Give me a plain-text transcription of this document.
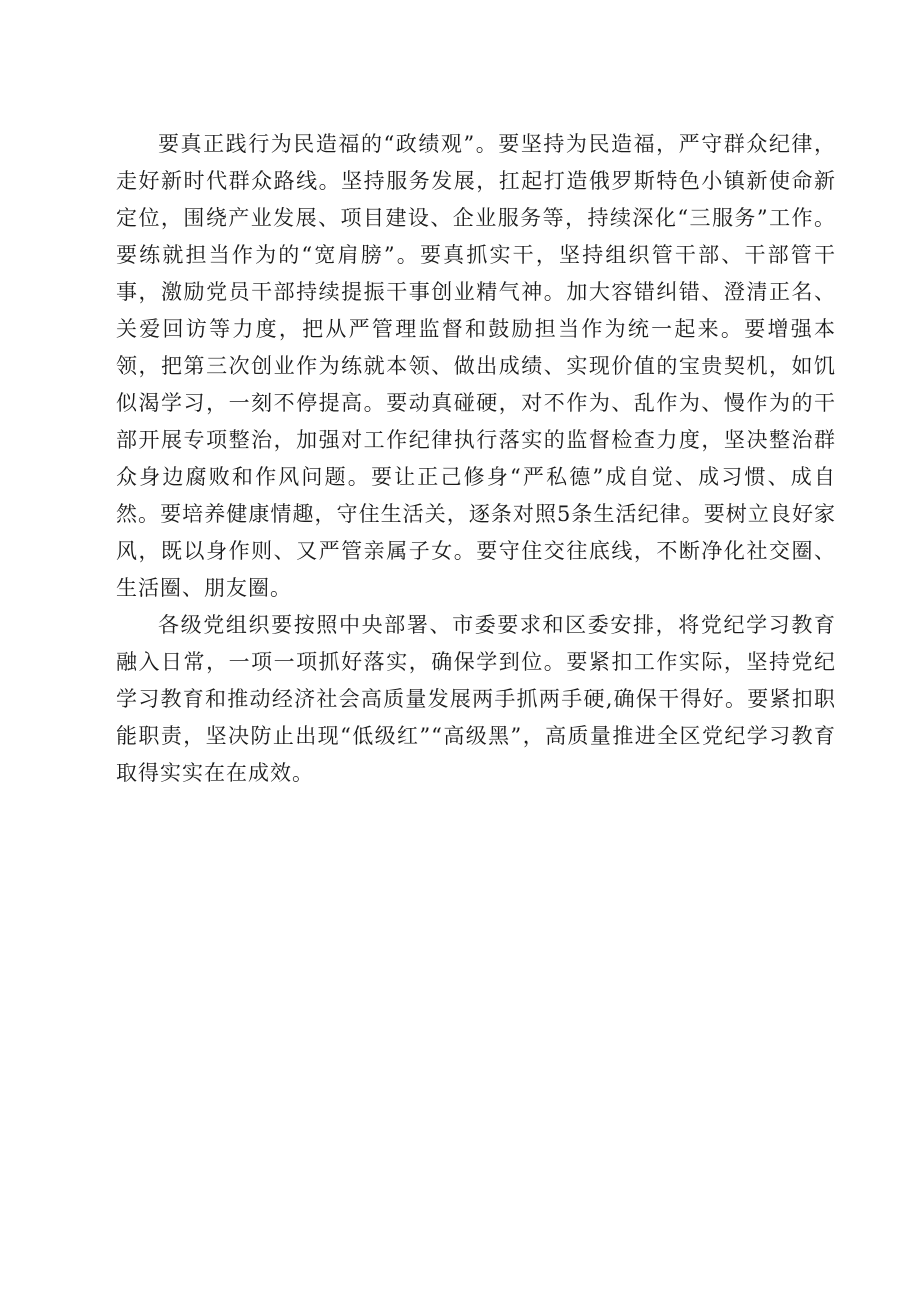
要真正践行为民造福的“政绩观”。要坚持为民造福，严守群众纪律，走好新时代群众路线。坚持服务发展，扛起打造俄罗斯特色小镇新使命新定位，围绕产业发展、项目建设、企业服务等，持续深化“三服务”工作。要练就担当作为的“宽肩膀”。要真抓实干，坚持组织管干部、干部管干事，激励党员干部持续提振干事创业精气神。加大容错纠错、澄清正名、关爱回访等力度，把从严管理监督和鼓励担当作为统一起来。要增强本领，把第三次创业作为练就本领、做出成绩、实现价值的宝贵契机，如饥似渴学习，一刻不停提高。要动真碰硬，对不作为、乱作为、慢作为的干部开展专项整治，加强对工作纪律执行落实的监督检查力度，坚决整治群众身边腐败和作风问题。要让正己修身“严私德”成自觉、成习惯、成自然。要培养健康情趣，守住生活关，逐条对照5条生活纪律。要树立良好家风，既以身作则、又严管亲属子女。要守住交往底线，不断净化社交圈、生活圈、朋友圈。

各级党组织要按照中央部署、市委要求和区委安排，将党纪学习教育融入日常，一项一项抓好落实，确保学到位。要紧扣工作实际，坚持党纪学习教育和推动经济社会高质量发展两手抓两手硬,确保干得好。要紧扣职能职责，坚决防止出现“低级红”“高级黑”，高质量推进全区党纪学习教育取得实实在在成效。
